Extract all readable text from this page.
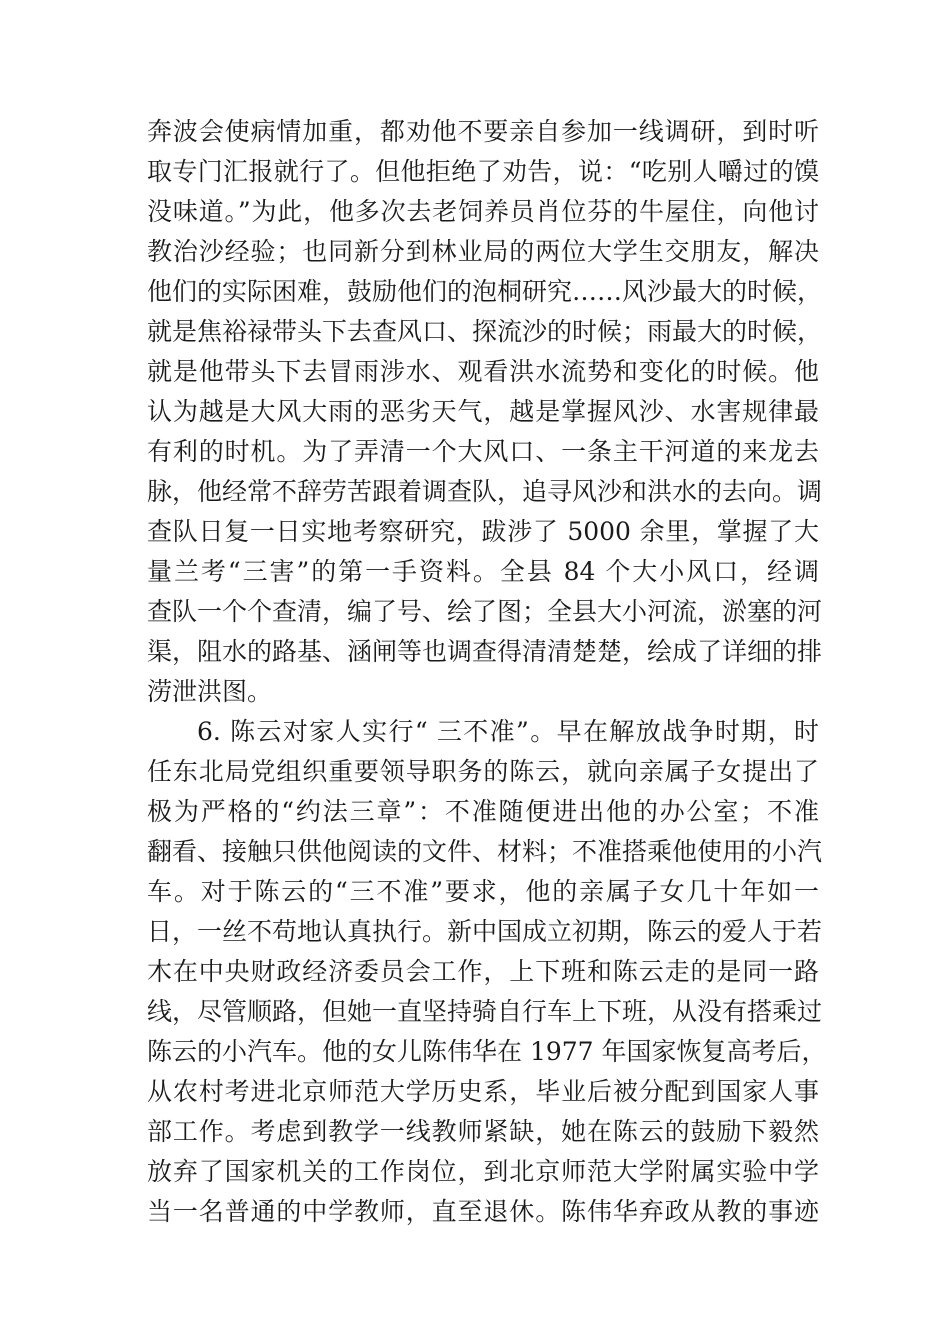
奔波会使病情加重，都劝他不要亲自参加一线调研，到时听
取专门汇报就行了。但他拒绝了劝告，说：“吃别人嚼过的馍
没味道。”为此，他多次去老饲养员肖位芬的牛屋住，向他讨
教治沙经验；也同新分到林业局的两位大学生交朋友，解决
他们的实际困难，鼓励他们的泡桐研究……风沙最大的时候，
就是焦裕禄带头下去查风口、探流沙的时候；雨最大的时候，
就是他带头下去冒雨涉水、观看洪水流势和变化的时候。他
认为越是大风大雨的恶劣天气，越是掌握风沙、水害规律最
有利的时机。为了弄清一个大风口、一条主干河道的来龙去
脉，他经常不辞劳苦跟着调查队，追寻风沙和洪水的去向。调
查队日复一日实地考察研究，跋涉了 5000 余里，掌握了大
量兰考“三害”的第一手资料。全县 84 个大小风口，经调
查队一个个查清，编了号、绘了图；全县大小河流，淤塞的河
渠，阻水的路基、涵闸等也调查得清清楚楚，绘成了详细的排
涝泄洪图。
6. 陈云对家人实行“ 三不准”。早在解放战争时期，时
任东北局党组织重要领导职务的陈云，就向亲属子女提出了
极为严格的“约法三章”：不准随便进出他的办公室；不准
翻看、接触只供他阅读的文件、材料；不准搭乘他使用的小汽
车。对于陈云的“三不准”要求，他的亲属子女几十年如一
日，一丝不苟地认真执行。新中国成立初期，陈云的爱人于若
木在中央财政经济委员会工作，上下班和陈云走的是同一路
线，尽管顺路，但她一直坚持骑自行车上下班，从没有搭乘过
陈云的小汽车。他的女儿陈伟华在 1977 年国家恢复高考后，
从农村考进北京师范大学历史系，毕业后被分配到国家人事
部工作。考虑到教学一线教师紧缺，她在陈云的鼓励下毅然
放弃了国家机关的工作岗位，到北京师范大学附属实验中学
当一名普通的中学教师，直至退休。陈伟华弃政从教的事迹
